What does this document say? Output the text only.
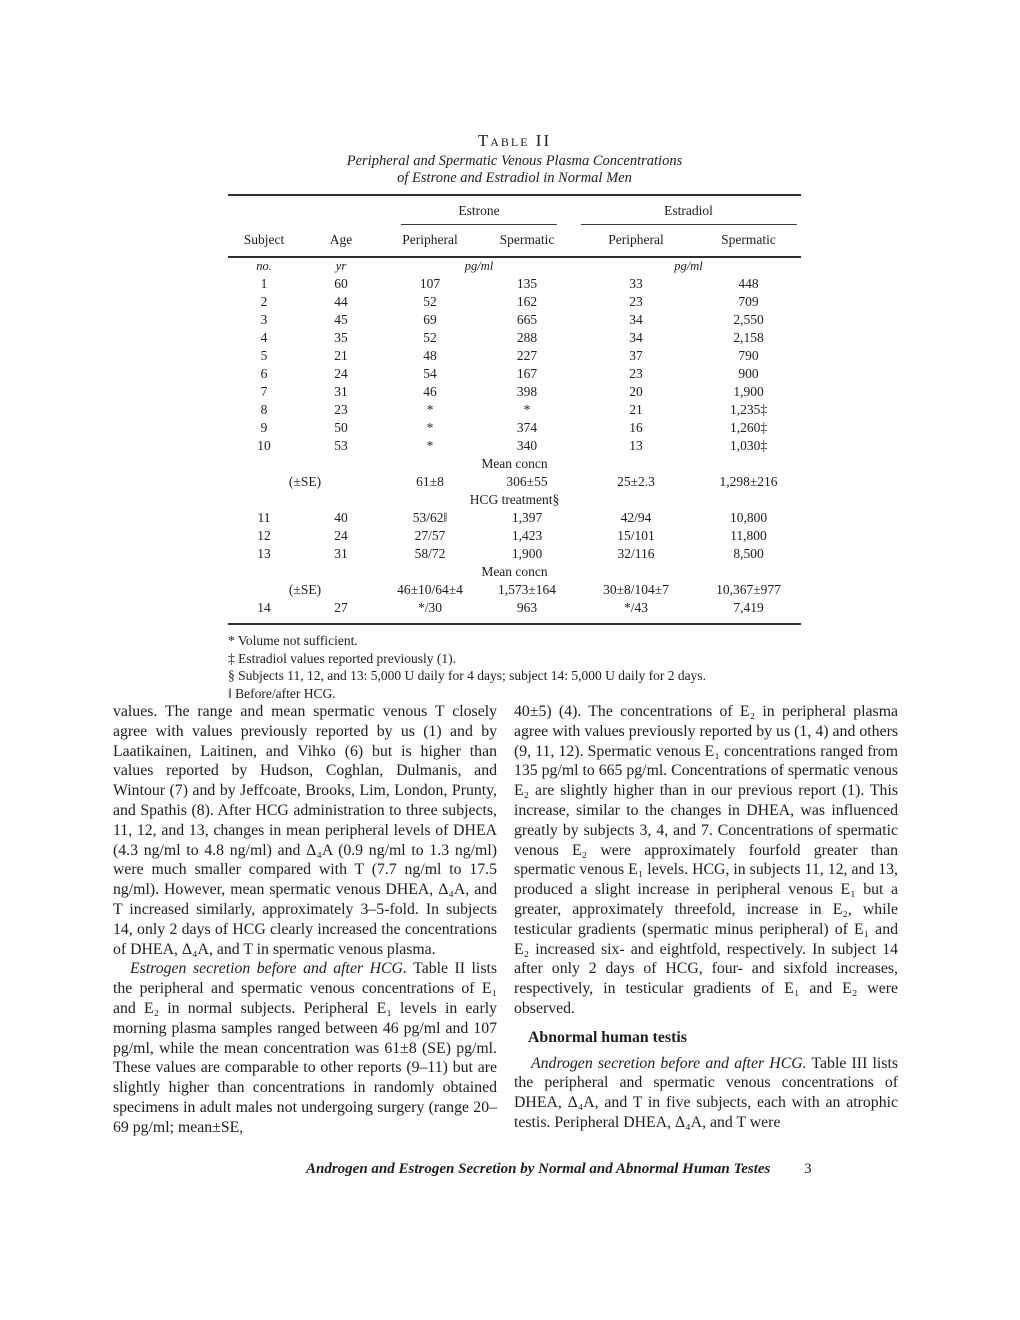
Table II
Peripheral and Spermatic Venous Plasma Concentrations
of Estrone and Estradiol in Normal Men
		Estrone		Estradiol	
Subject	Age	Peripheral	Spermatic	Peripheral	Spermatic
no.	yr	pg/ml		pg/ml	
1	60	107	135	33	448
2	44	52	162	23	709
3	45	69	665	34	2,550
4	35	52	288	34	2,158
5	21	48	227	37	790
6	24	54	167	23	900
7	31	46	398	20	1,900
8	23	*	*	21	1,235‡
9	50	*	374	16	1,260‡
10	53	*	340	13	1,030‡
Mean concn					
(±SE)		61±8	306±55	25±2.3	1,298±216
HCG treatment§					
11	40	53/62‖	1,397	42/94	10,800
12	24	27/57	1,423	15/101	11,800
13	31	58/72	1,900	32/116	8,500
Mean concn					
(±SE)		46±10/64±4	1,573±164	30±8/104±7	10,367±977
14	27	*/30	963	*/43	7,419
* Volume not sufficient.
‡ Estradiol values reported previously (1).
§ Subjects 11, 12, and 13: 5,000 U daily for 4 days; subject 14: 5,000 U daily for 2 days.
‖ Before/after HCG.

values. The range and mean spermatic venous T closely agree with values previously reported by us (1) and by Laatikainen, Laitinen, and Vihko (6) but is higher than values reported by Hudson, Coghlan, Dulmanis, and Wintour (7) and by Jeffcoate, Brooks, Lim, London, Prunty, and Spathis (8). After HCG administration to three subjects, 11, 12, and 13, changes in mean peripheral levels of DHEA (4.3 ng/ml to 4.8 ng/ml) and Δ₄A (0.9 ng/ml to 1.3 ng/ml) were much smaller compared with T (7.7 ng/ml to 17.5 ng/ml). However, mean spermatic venous DHEA, Δ₄A, and T increased similarly, approximately 3–5-fold. In subjects 14, only 2 days of HCG clearly increased the concentrations of DHEA, Δ₄A, and T in spermatic venous plasma.

Estrogen secretion before and after HCG. Table II lists the peripheral and spermatic venous concentrations of E₁ and E₂ in normal subjects. Peripheral E₁ levels in early morning plasma samples ranged between 46 pg/ml and 107 pg/ml, while the mean concentration was 61±8 (SE) pg/ml. These values are comparable to other reports (9–11) but are slightly higher than concentrations in randomly obtained specimens in adult males not undergoing surgery (range 20–69 pg/ml; mean±SE,

40±5) (4). The concentrations of E₂ in peripheral plasma agree with values previously reported by us (1, 4) and others (9, 11, 12). Spermatic venous E₁ concentrations ranged from 135 pg/ml to 665 pg/ml. Concentrations of spermatic venous E₂ are slightly higher than in our previous report (1). This increase, similar to the changes in DHEA, was influenced greatly by subjects 3, 4, and 7. Concentrations of spermatic venous E₂ were approximately fourfold greater than spermatic venous E₁ levels. HCG, in subjects 11, 12, and 13, produced a slight increase in peripheral venous E₁ but a greater, approximately threefold, increase in E₂, while testicular gradients (spermatic minus peripheral) of E₁ and E₂ increased six- and eightfold, respectively. In subject 14 after only 2 days of HCG, four- and sixfold increases, respectively, in testicular gradients of E₁ and E₂ were observed.

Abnormal human testis

Androgen secretion before and after HCG. Table III lists the peripheral and spermatic venous concentrations of DHEA, Δ₄A, and T in five subjects, each with an atrophic testis. Peripheral DHEA, Δ₄A, and T were

Androgen and Estrogen Secretion by Normal and Abnormal Human Testes 3
